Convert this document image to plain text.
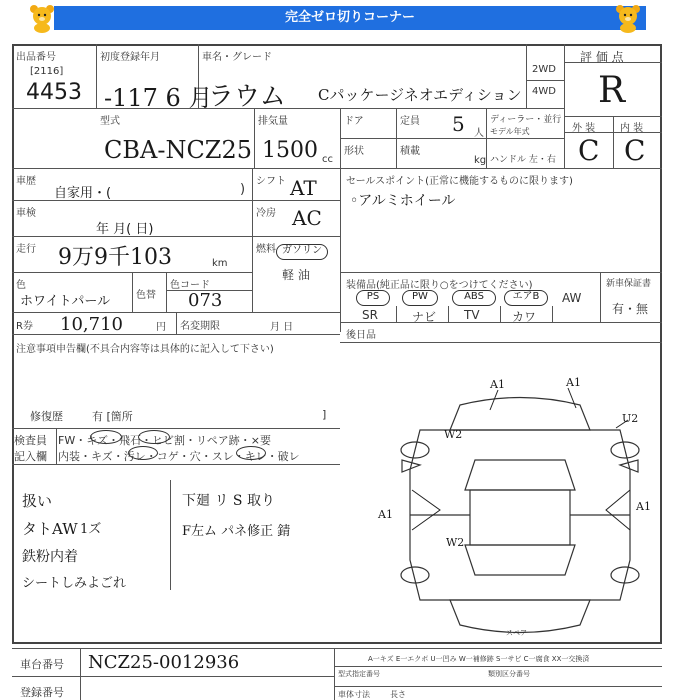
完全ゼロ切りコーナー
出品番号
[2116]
4453
初度登録年月
-117 6 月
車名・グレード
ラウム Cパッケージネオエディション
2WD
4WD
評 価 点
R
外 装 内 装
C C
型式
CBA-NCZ25
排気量
1500 cc
ドア	定員 5 人
ディーラー・並行
モデル年式
形状	積載
kg ハンドル 左・右
車歴
自家用・(	)
シフト AT
車検
年 月( 日)
冷房 AC
走行 9万9千103	km
燃料 ガソリン
軽 油
色
ホワイトパール	色替
色コード
073
R券 10,710	円 名変期限	月 日
セールスポイント(正常に機能するものに限ります)
◦アルミホイール
装備品(純正品に限り○をつけてください)	新車保証書
有・無
PS	PW	ABS	エアB	AW
SR	ナビ TV	カワ
後日品
注意事項申告欄(不具合内容等は具体的に記入して下さい)
修復歴	有 [箇所	]
検査員
記入欄
FW・キズ・飛石・ヒビ割・リペア跡・×要
内装・キズ・汚レ・コゲ・穴・スレ・キレ・破レ
扱い
タトAW 1ズ
鉄粉内着
シートしみよごれ
下廻 リ S 取り
F左ム パネ修正 錆
A1	A1
U2
W2
A1
A1
W2
スペア
車台番号 NCZ25-0012936
登録番号
A一キズ E一エクボ U一凹み W一補修跡 S一サビ C一腐食 XX一交換済
型式指定番号	類別区分番号
車体寸法	長さ
